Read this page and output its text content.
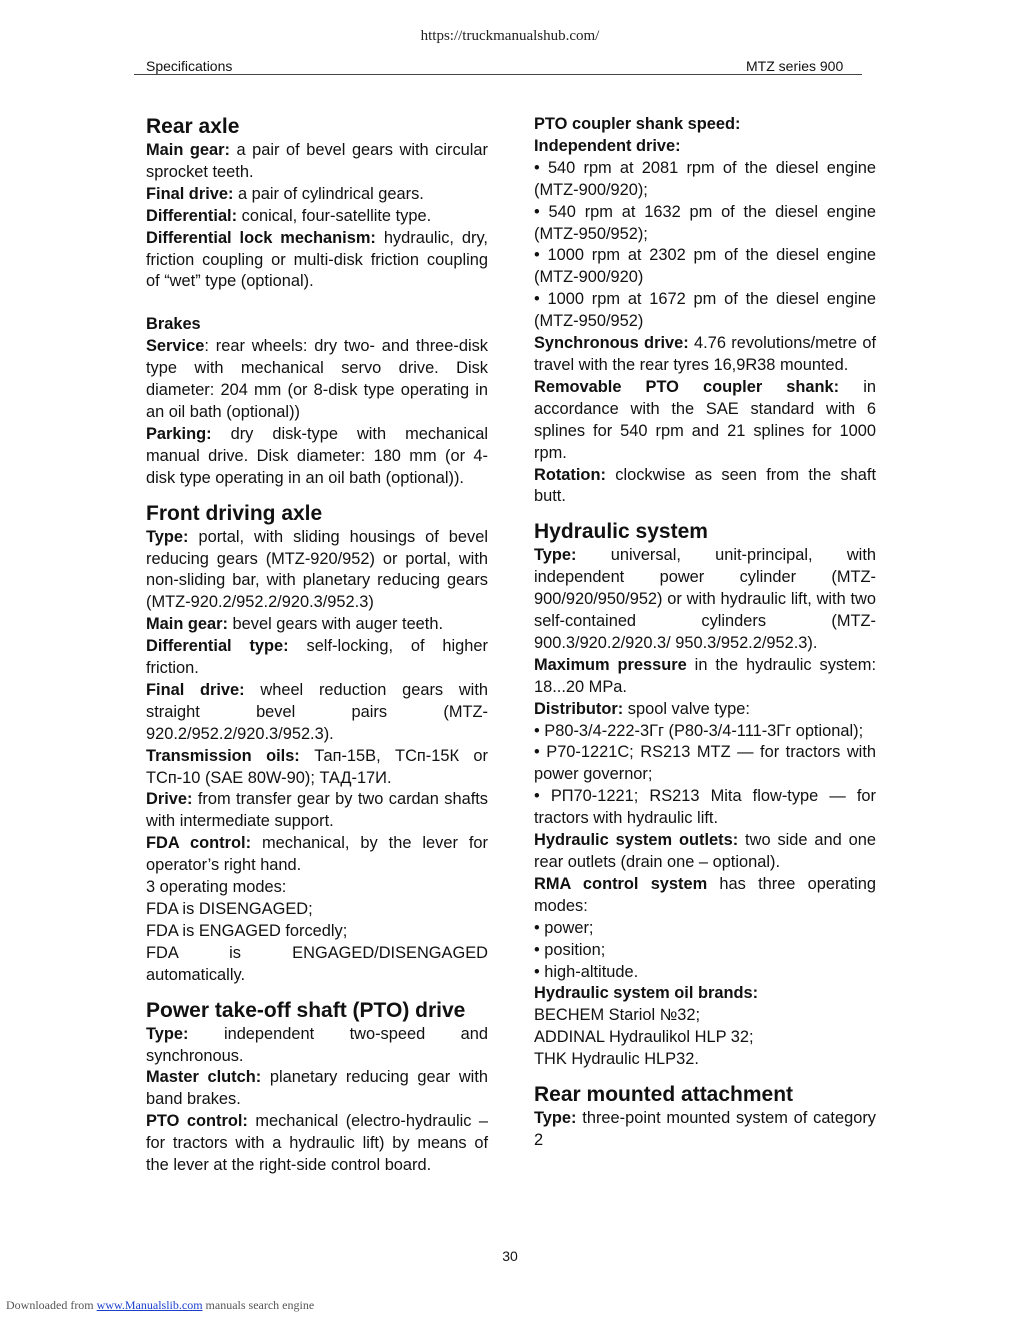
https://truckmanualshub.com/
Specifications	MTZ series 900
Rear axle

Main gear: a pair of bevel gears with circular sprocket teeth.

Final drive: a pair of cylindrical gears.

Differential: conical, four-satellite type.

Differential lock mechanism: hydraulic, dry, friction coupling or multi-disk friction coupling of “wet” type (optional).

Brakes

Service: rear wheels: dry two- and three-disk type with mechanical servo drive. Disk diameter: 204 mm (or 8-disk type operating in an oil bath (optional))

Parking: dry disk-type with mechanical manual drive. Disk diameter: 180 mm (or 4-disk type operating in an oil bath (optional)).

Front driving axle

Type: portal, with sliding housings of bevel reducing gears (MTZ-920/952) or portal, with non-sliding bar, with planetary reducing gears (MTZ-920.2/952.2/920.3/952.3)

Main gear: bevel gears with auger teeth.

Differential type: self-locking, of higher friction.

Final drive: wheel reduction gears with straight bevel pairs (MTZ-920.2/952.2/920.3/952.3).

Transmission oils: Тап-15В, ТСп-15К or ТСп-10 (SAE 80W-90); ТАД-17И.

Drive: from transfer gear by two cardan shafts with intermediate support.

FDA control: mechanical, by the lever for operator’s right hand.

3 operating modes:

FDA is DISENGAGED;

FDA is ENGAGED forcedly;

FDA is ENGAGED/DISENGAGED automatically.

Power take-off shaft (PTO) drive

Type: independent two-speed and synchronous.

Master clutch: planetary reducing gear with band brakes.

PTO control: mechanical (electro-hydraulic – for tractors with a hydraulic lift) by means of the lever at the right-side control board.

PTO coupler shank speed:
Independent drive:

• 540 rpm at 2081 rpm of the diesel engine (MTZ-900/920);

• 540 rpm at 1632 pm of the diesel engine (MTZ-950/952);

• 1000 rpm at 2302 pm of the diesel engine (MTZ-900/920)

• 1000 rpm at 1672 pm of the diesel engine (MTZ-950/952)

Synchronous drive: 4.76 revolutions/metre of travel with the rear tyres 16,9R38 mounted.

Removable PTO coupler shank: in accordance with the SAE standard with 6 splines for 540 rpm and 21 splines for 1000 rpm.

Rotation: clockwise as seen from the shaft butt.

Hydraulic system

Type: universal, unit-principal, with independent power cylinder (MTZ-900/920/950/952) or with hydraulic lift, with two self-contained cylinders (MTZ-900.3/920.2/920.3/ 950.3/952.2/952.3).

Maximum pressure in the hydraulic system: 18...20 MPa.

Distributor: spool valve type:

• Р80-3/4-222-3Гг (Р80-3/4-111-3Гг optional);

• Р70-1221С; RS213 MTZ — for tractors with power governor;

• РП70-1221; RS213 Mita flow-type — for tractors with hydraulic lift.

Hydraulic system outlets: two side and one rear outlets (drain one – optional).

RMA control system has three operating modes:

• power;

• position;

• high-altitude.

Hydraulic system oil brands:

BECHEM Stariol №32;

ADDINAL Hydraulikol HLP 32;

THK Hydraulic HLP32.

Rear mounted attachment

Type: three-point mounted system of category 2

30
Downloaded from www.Manualslib.com manuals search engine
